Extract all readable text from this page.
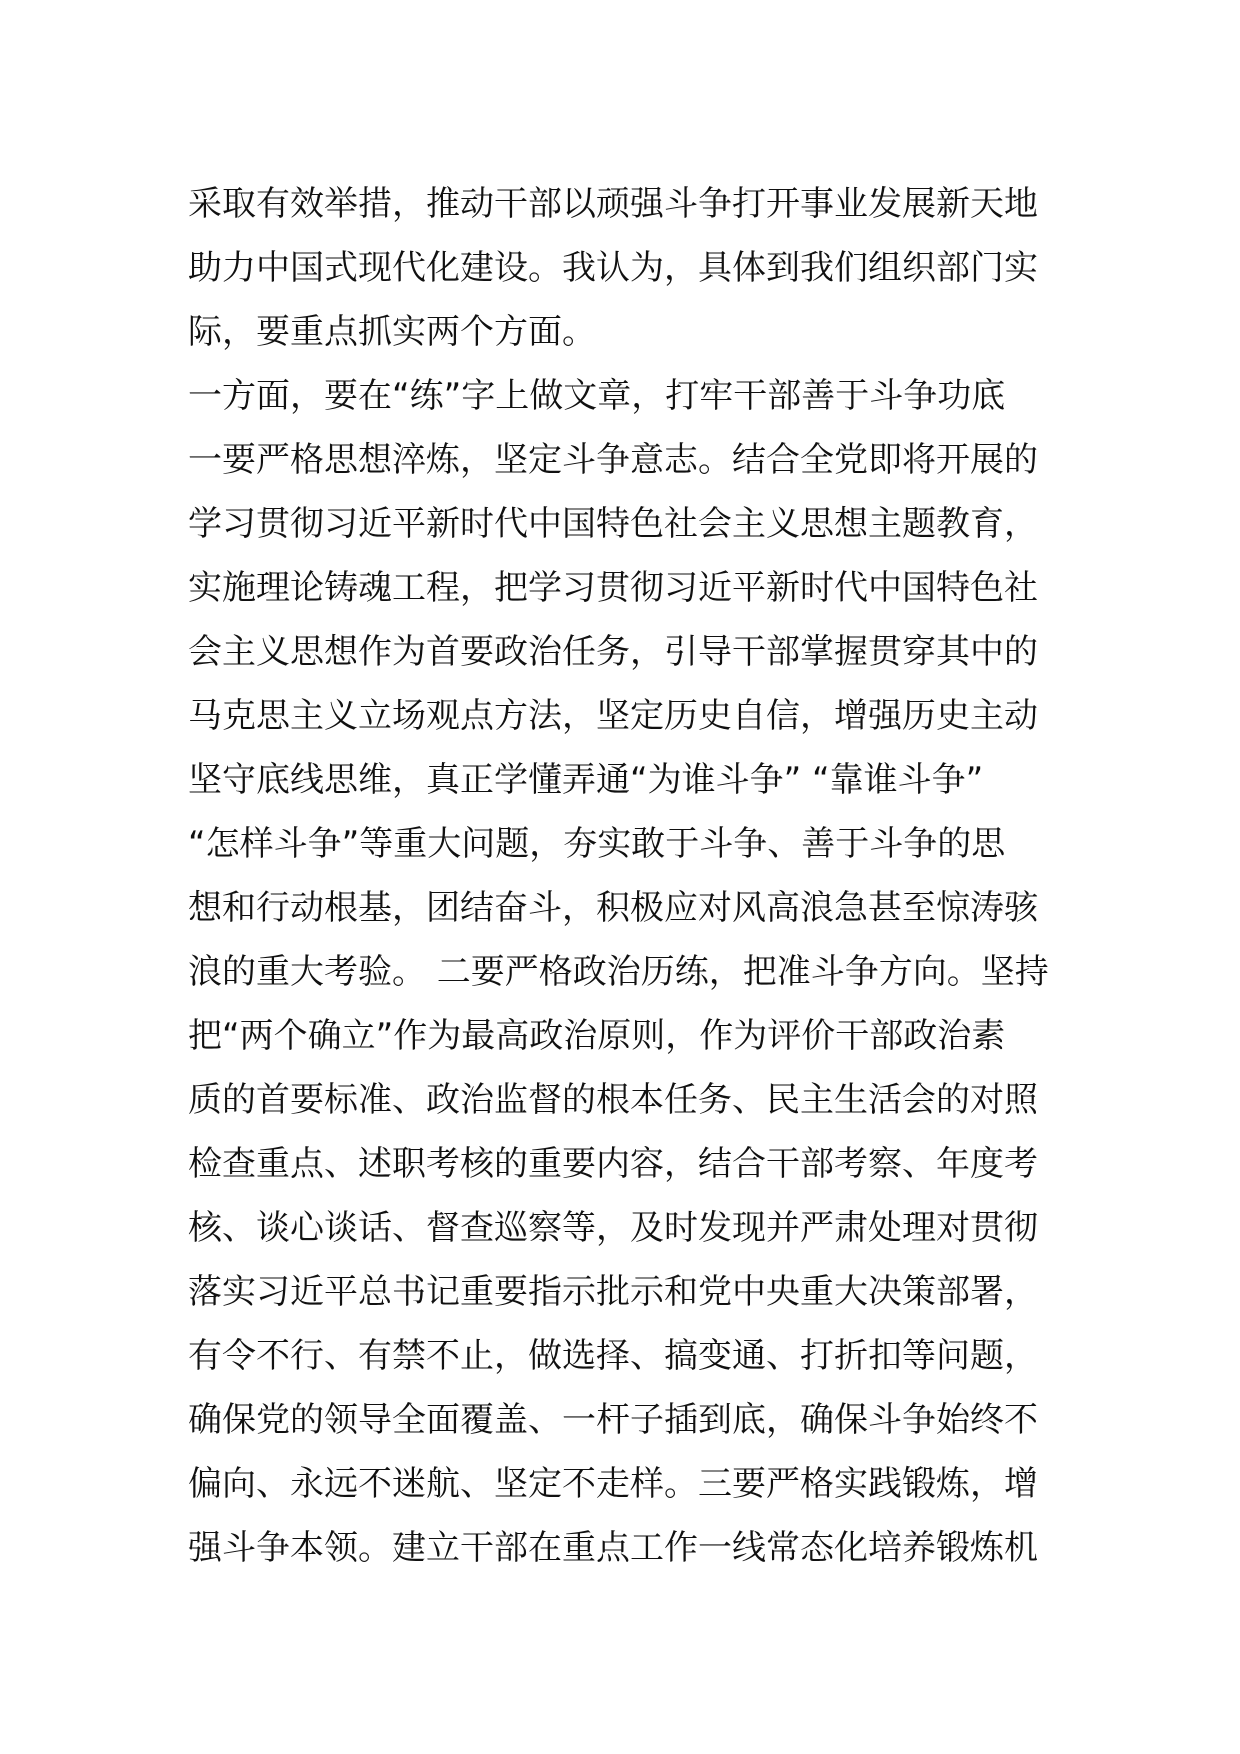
采取有效举措，推动干部以顽强斗争打开事业发展新天地
助力中国式现代化建设。我认为，具体到我们组织部门实
际，要重点抓实两个方面。
一方面，要在“练”字上做文章，打牢干部善于斗争功底
一要严格思想淬炼，坚定斗争意志。结合全党即将开展的
学习贯彻习近平新时代中国特色社会主义思想主题教育，
实施理论铸魂工程，把学习贯彻习近平新时代中国特色社
会主义思想作为首要政治任务，引导干部掌握贯穿其中的
马克思主义立场观点方法，坚定历史自信，增强历史主动
坚守底线思维，真正学懂弄通“为谁斗争” “靠谁斗争”
“怎样斗争”等重大问题，夯实敢于斗争、善于斗争的思
想和行动根基，团结奋斗，积极应对风高浪急甚至惊涛骇
浪的重大考验。 二要严格政治历练，把准斗争方向。坚持
把“两个确立”作为最高政治原则，作为评价干部政治素
质的首要标准、政治监督的根本任务、民主生活会的对照
检查重点、述职考核的重要内容，结合干部考察、年度考
核、谈心谈话、督查巡察等，及时发现并严肃处理对贯彻
落实习近平总书记重要指示批示和党中央重大决策部署，
有令不行、有禁不止，做选择、搞变通、打折扣等问题，
确保党的领导全面覆盖、一杆子插到底，确保斗争始终不
偏向、永远不迷航、坚定不走样。三要严格实践锻炼，增
强斗争本领。建立干部在重点工作一线常态化培养锻炼机
